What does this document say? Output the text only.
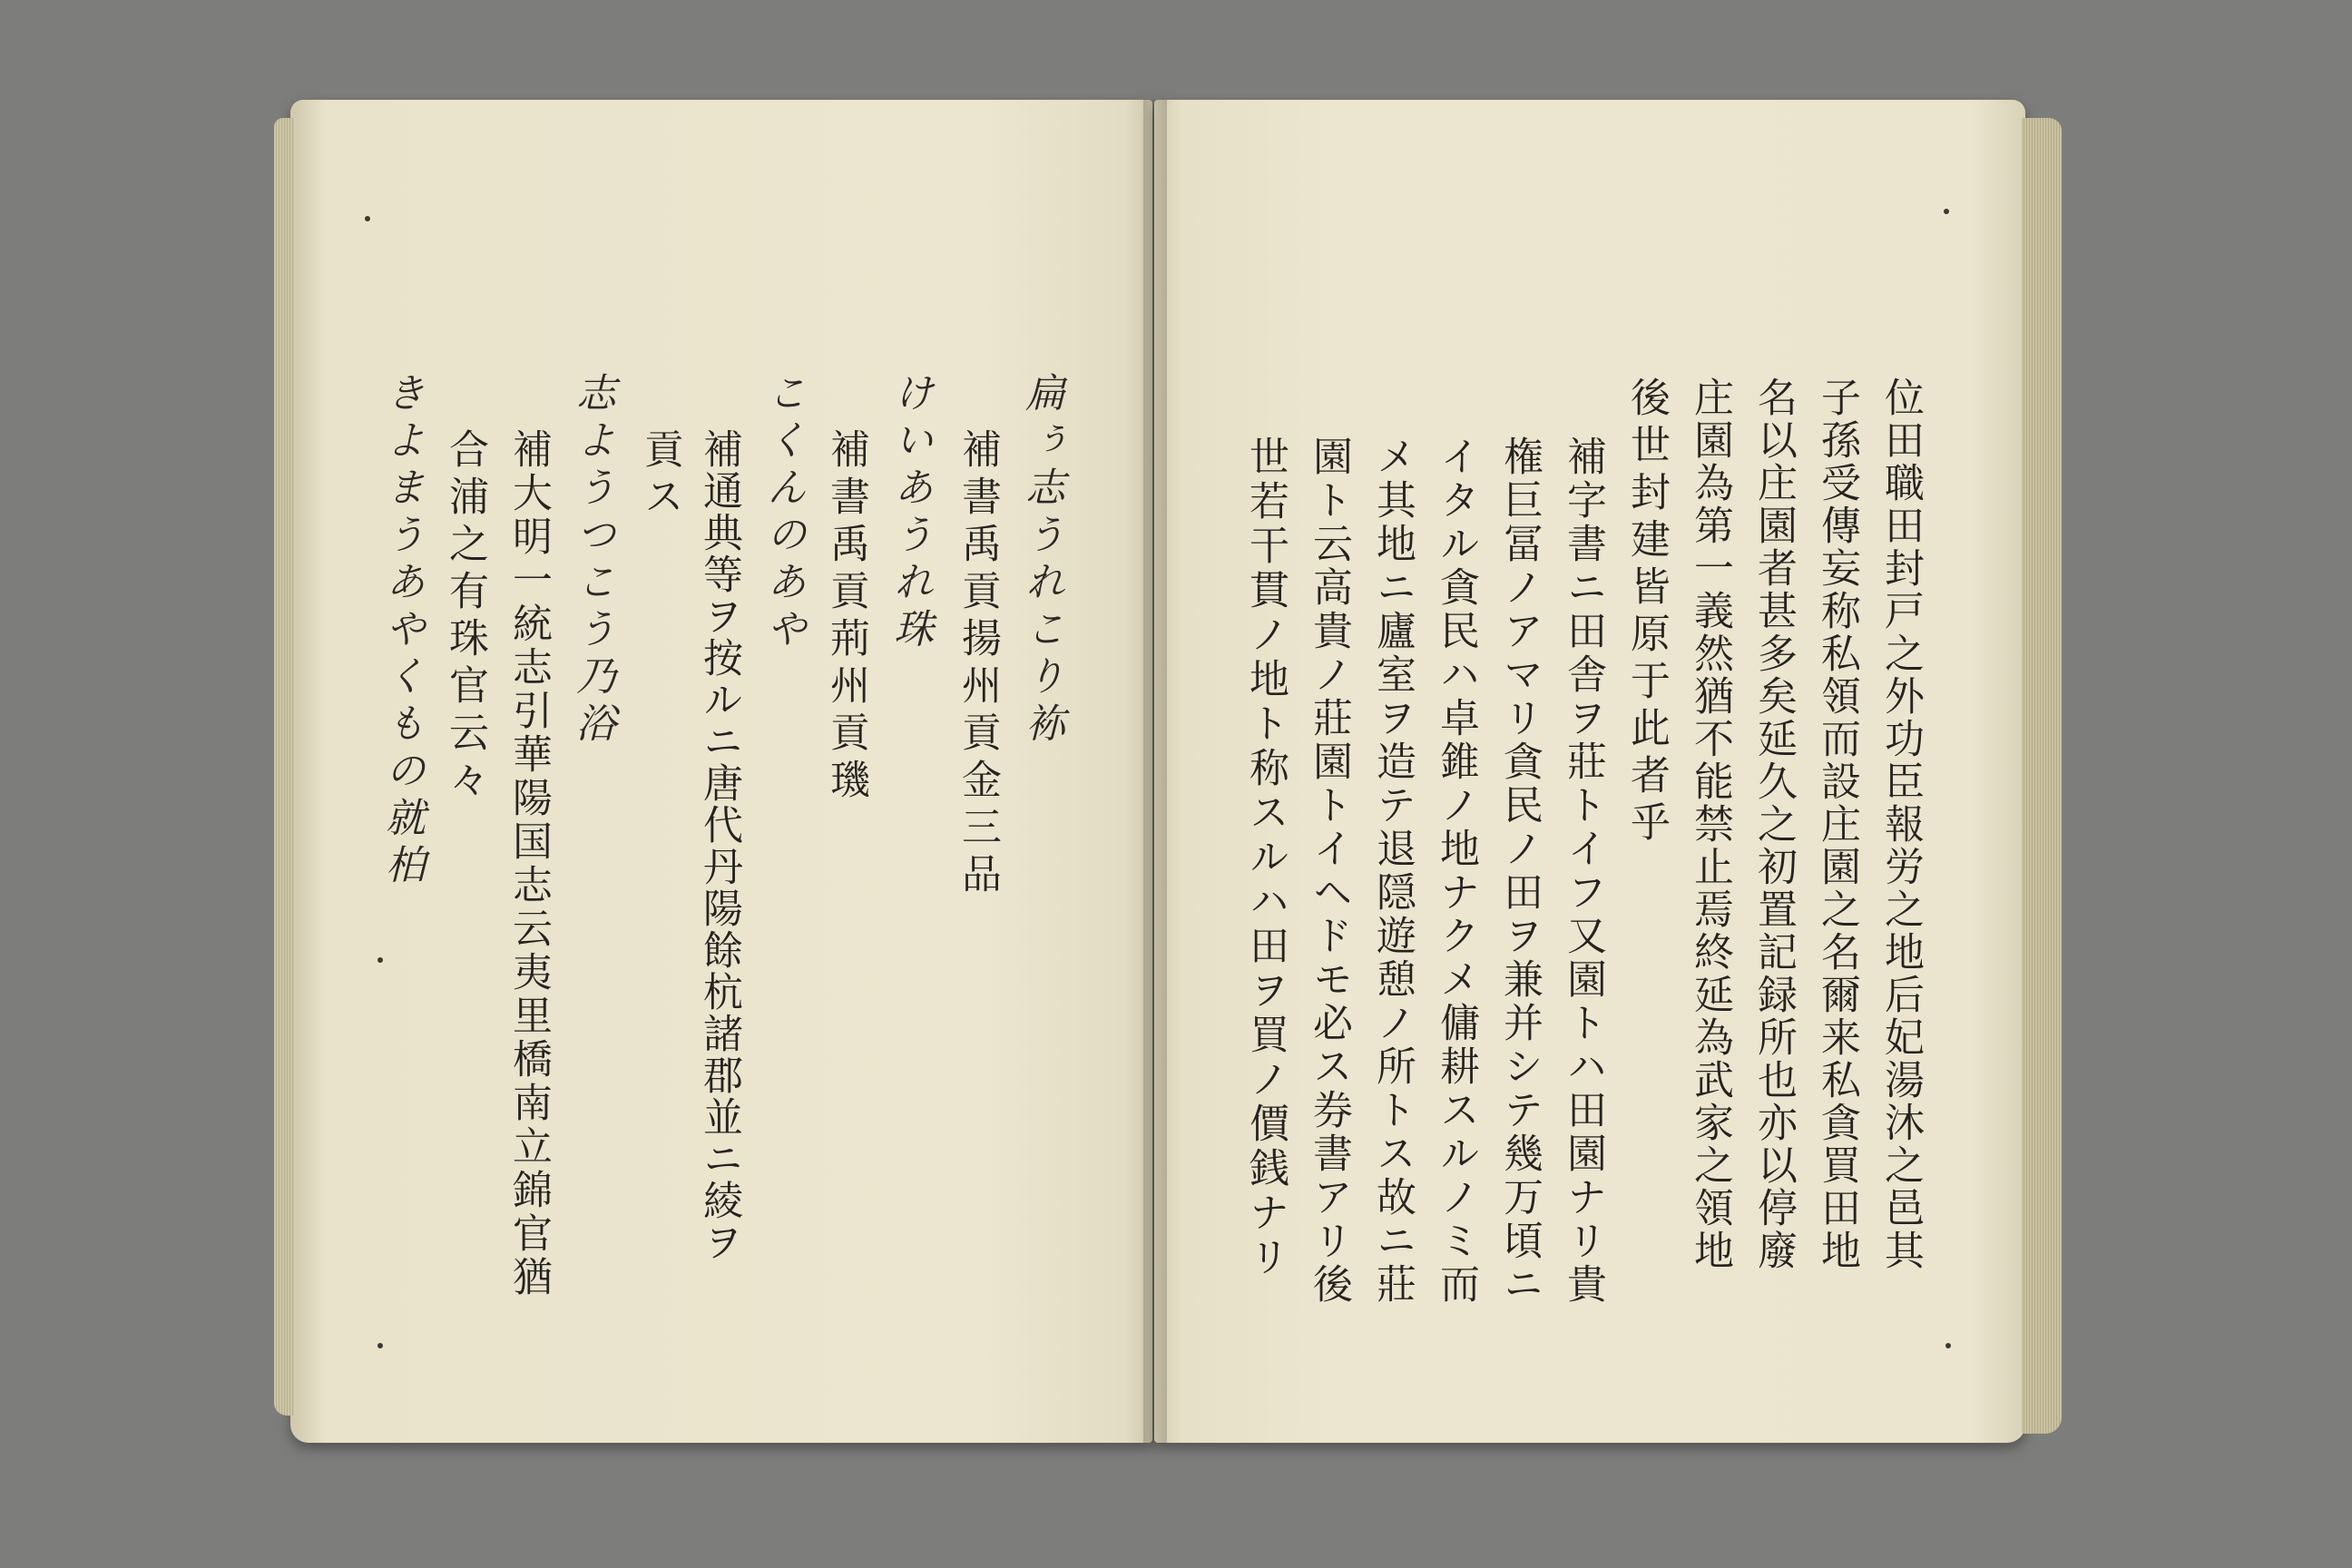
扁ぅ志うれこり袮
補書禹貢揚州貢金三品
けいあうれ珠
補書禹貢荊州貢璣
こくんのあや
補通典等ヲ按ルニ唐代丹陽餘杭諸郡並ニ綾ヲ
貢ス
志ようつこう乃浴
補大明一統志引華陽国志云夷里橋南立錦官猶
合浦之有珠官云々
きよまうあやくもの就柏	位田職田封戸之外功臣報労之地后妃湯沐之邑其
子孫受傳妄称私領而設庄園之名爾来私貪買田地
名以庄園者甚多矣延久之初置記録所也亦以停廢
庄園為第一義然猶不能禁止焉終延為武家之領地
後世封建皆原于此者乎
補字書ニ田舎ヲ莊トイフ又園トハ田園ナリ貴
権巨冨ノアマリ貪民ノ田ヲ兼并シテ幾万頃ニ
イタル貪民ハ卓錐ノ地ナクメ傭耕スルノミ而
メ其地ニ廬室ヲ造テ退隠遊憩ノ所トス故ニ莊
園ト云高貴ノ莊園トイヘドモ必ス券書アリ後
世若干貫ノ地ト称スルハ田ヲ買ノ價銭ナリ
